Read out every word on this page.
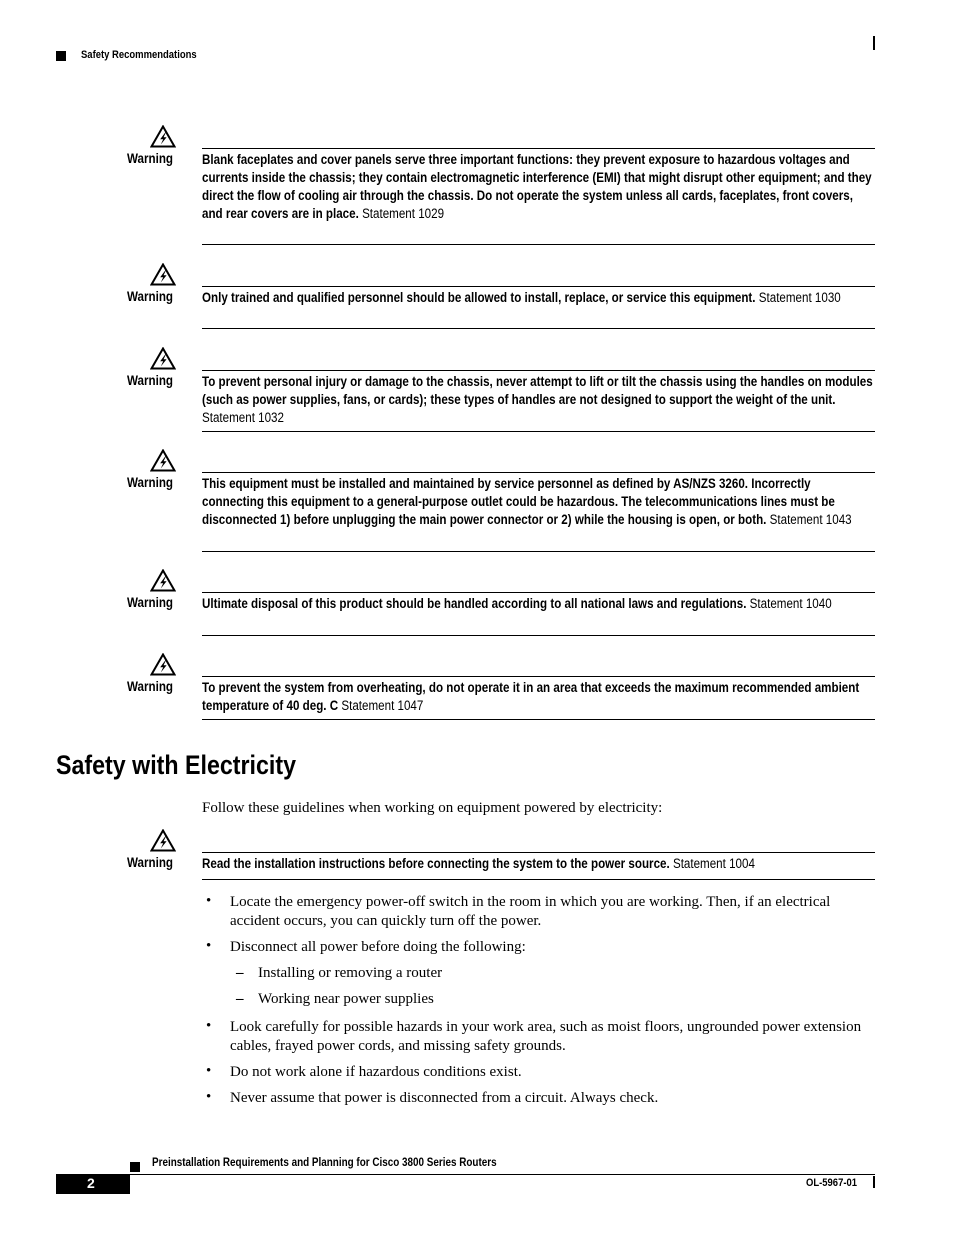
Safety Recommendations
Warning Blank faceplates and cover panels serve three important functions: they prevent exposure to hazardous voltages and currents inside the chassis; they contain electromagnetic interference (EMI) that might disrupt other equipment; and they direct the flow of cooling air through the chassis. Do not operate the system unless all cards, faceplates, front covers, and rear covers are in place. Statement 1029
Warning Only trained and qualified personnel should be allowed to install, replace, or service this equipment. Statement 1030
Warning To prevent personal injury or damage to the chassis, never attempt to lift or tilt the chassis using the handles on modules (such as power supplies, fans, or cards); these types of handles are not designed to support the weight of the unit. Statement 1032
Warning This equipment must be installed and maintained by service personnel as defined by AS/NZS 3260. Incorrectly connecting this equipment to a general-purpose outlet could be hazardous. The telecommunications lines must be disconnected 1) before unplugging the main power connector or 2) while the housing is open, or both. Statement 1043
Warning Ultimate disposal of this product should be handled according to all national laws and regulations. Statement 1040
Warning To prevent the system from overheating, do not operate it in an area that exceeds the maximum recommended ambient temperature of 40 deg. C Statement 1047
Safety with Electricity
Follow these guidelines when working on equipment powered by electricity:
Warning Read the installation instructions before connecting the system to the power source. Statement 1004
• Locate the emergency power-off switch in the room in which you are working. Then, if an electrical accident occurs, you can quickly turn off the power.
• Disconnect all power before doing the following:
– Installing or removing a router
– Working near power supplies
• Look carefully for possible hazards in your work area, such as moist floors, ungrounded power extension cables, frayed power cords, and missing safety grounds.
• Do not work alone if hazardous conditions exist.
• Never assume that power is disconnected from a circuit. Always check.
Preinstallation Requirements and Planning for Cisco 3800 Series Routers
2	OL-5967-01
